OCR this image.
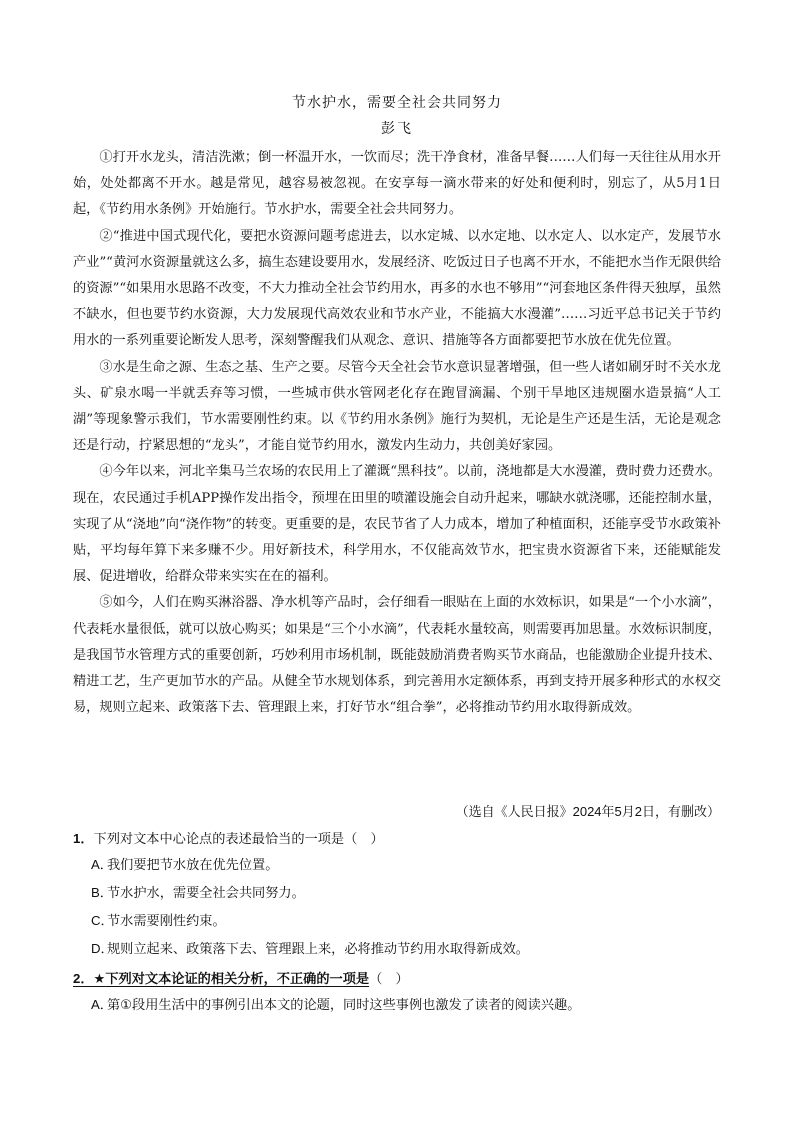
节水护水，需要全社会共同努力
彭飞

①打开水龙头，清洁洗漱；倒一杯温开水，一饮而尽；洗干净食材，准备早餐……人们每一天往往从用水开始，处处都离不开水。越是常见，越容易被忽视。在安享每一滴水带来的好处和便利时，别忘了，从5月1日起，《节约用水条例》开始施行。节水护水，需要全社会共同努力。

②“推进中国式现代化，要把水资源问题考虑进去，以水定城、以水定地、以水定人、以水定产，发展节水产业”“黄河水资源量就这么多，搞生态建设要用水，发展经济、吃饭过日子也离不开水，不能把水当作无限供给的资源”“如果用水思路不改变，不大力推动全社会节约用水，再多的水也不够用”“河套地区条件得天独厚，虽然不缺水，但也要节约水资源，大力发展现代高效农业和节水产业，不能搞大水漫灌”……习近平总书记关于节约用水的一系列重要论断发人思考，深刻警醒我们从观念、意识、措施等各方面都要把节水放在优先位置。

③水是生命之源、生态之基、生产之要。尽管今天全社会节水意识显著增强，但一些人诸如刷牙时不关水龙头、矿泉水喝一半就丢弃等习惯，一些城市供水管网老化存在跑冒滴漏、个别干旱地区违规圈水造景搞“人工湖”等现象警示我们，节水需要刚性约束。以《节约用水条例》施行为契机，无论是生产还是生活，无论是观念还是行动，拧紧思想的“龙头”，才能自觉节约用水，激发内生动力，共创美好家园。

④今年以来，河北辛集马兰农场的农民用上了灌溉“黑科技”。以前，浇地都是大水漫灌，费时费力还费水。现在，农民通过手机APP操作发出指令，预埋在田里的喷灌设施会自动升起来，哪缺水就浇哪，还能控制水量，实现了从“浇地”向“浇作物”的转变。更重要的是，农民节省了人力成本，增加了种植面积，还能享受节水政策补贴，平均每年算下来多赚不少。用好新技术，科学用水，不仅能高效节水，把宝贵水资源省下来，还能赋能发展、促进增收，给群众带来实实在在的福利。

⑤如今，人们在购买淋浴器、净水机等产品时，会仔细看一眼贴在上面的水效标识，如果是“一个小水滴”，代表耗水量很低，就可以放心购买；如果是“三个小水滴”，代表耗水量较高，则需要再加思量。水效标识制度，是我国节水管理方式的重要创新，巧妙利用市场机制，既能鼓励消费者购买节水商品，也能激励企业提升技术、精进工艺，生产更加节水的产品。从健全节水规划体系，到完善用水定额体系，再到支持开展多种形式的水权交易，规则立起来、政策落下去、管理跟上来，打好节水“组合拳”，必将推动节约用水取得新成效。

（选自《人民日报》2024年5月2日，有删改）
1．下列对文本中心论点的表述最恰当的一项是（　）
A．
我们要把节水放在优先位置。
B．
节水护水，需要全社会共同努力。
C．
节水需要刚性约束。
D．
规则立起来、政策落下去、管理跟上来，必将推动节约用水取得新成效。
2．★下列对文本论证的相关分析，不正确的一项是（　）
A．
第①段用生活中的事例引出本文的论题，同时这些事例也激发了读者的阅读兴趣。
